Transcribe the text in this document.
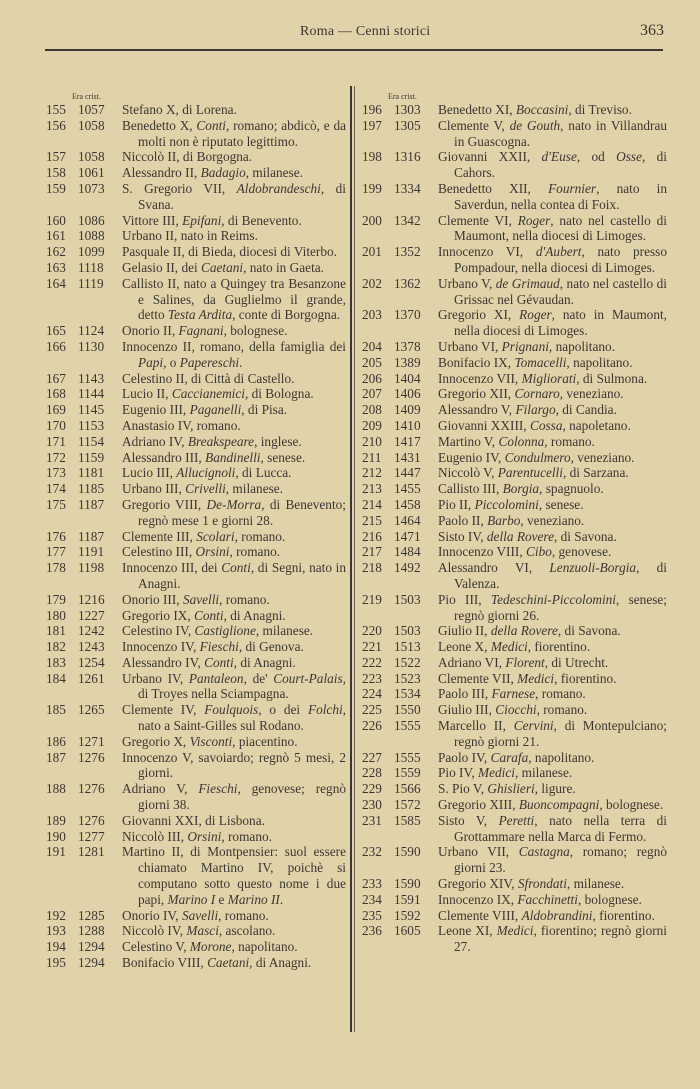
Roma — Cenni storici	363
Era crist.
155 1057	Stefano X, di Lorena.
156 1058	Benedetto X, Conti, romano; abdicò, e da molti non è riputato legittimo.
157 1058	Niccolò II, di Borgogna.
158 1061	Alessandro II, Badagio, milanese.
159 1073	S. Gregorio VII, Aldobrandeschi, di Svana.
160 1086	Vittore III, Epifani, di Benevento.
161 1088	Urbano II, nato in Reims.
162 1099	Pasquale II, di Bieda, diocesi di Viterbo.
163 1118	Gelasio II, dei Caetani, nato in Gaeta.
164 1119	Callisto II, nato a Quingey tra Besanzone e Salines, da Guglielmo il grande, detto Testa Ardita, conte di Borgogna.
165 1124	Onorio II, Fagnani, bolognese.
166 1130	Innocenzo II, romano, della famiglia dei Papi, o Papereschi.
167 1143	Celestino II, di Città di Castello.
168 1144	Lucio II, Caccianemici, di Bologna.
169 1145	Eugenio III, Paganelli, di Pisa.
170 1153	Anastasio IV, romano.
171 1154	Adriano IV, Breakspeare, inglese.
172 1159	Alessandro III, Bandinelli, senese.
173 1181	Lucio III, Allucignoli, di Lucca.
174 1185	Urbano III, Crivelli, milanese.
175 1187	Gregorio VIII, De-Morra, di Benevento; regnò mese 1 e giorni 28.
176 1187	Clemente III, Scolari, romano.
177 1191	Celestino III, Orsini, romano.
178 1198	Innocenzo III, dei Conti, di Segni, nato in Anagni.
179 1216	Onorio III, Savelli, romano.
180 1227	Gregorio IX, Conti, di Anagni.
181 1242	Celestino IV, Castiglione, milanese.
182 1243	Innocenzo IV, Fieschi, di Genova.
183 1254	Alessandro IV, Conti, di Anagni.
184 1261	Urbano IV, Pantaleon, de' Court-Palais, di Troyes nella Sciampagna.
185 1265	Clemente IV, Foulquois, o dei Folchi, nato a Saint-Gilles sul Rodano.
186 1271	Gregorio X, Visconti, piacentino.
187 1276	Innocenzo V, savoiardo; regnò 5 mesi, 2 giorni.
188 1276	Adriano V, Fieschi, genovese; regnò giorni 38.
189 1276	Giovanni XXI, di Lisbona.
190 1277	Niccolò III, Orsini, romano.
191 1281	Martino II, di Montpensier: suol essere chiamato Martino IV, poichè si computano sotto questo nome i due papi, Marino I e Marino II.
192 1285	Onorio IV, Savelli, romano.
193 1288	Niccolò IV, Masci, ascolano.
194 1294	Celestino V, Morone, napolitano.
195 1294	Bonifacio VIII, Caetani, di Anagni.
Era crist.
196 1303	Benedetto XI, Boccasini, di Treviso.
197 1305	Clemente V, de Gouth, nato in Villandrau in Guascogna.
198 1316	Giovanni XXII, d'Euse, od Osse, di Cahors.
199 1334	Benedetto XII, Fournier, nato in Saverdun, nella contea di Foix.
200 1342	Clemente VI, Roger, nato nel castello di Maumont, nella diocesi di Limoges.
201 1352	Innocenzo VI, d'Aubert, nato presso Pompadour, nella diocesi di Limoges.
202 1362	Urbano V, de Grimaud, nato nel castello di Grissac nel Gévaudan.
203 1370	Gregorio XI, Roger, nato in Maumont, nella diocesi di Limoges.
204 1378	Urbano VI, Prignani, napolitano.
205 1389	Bonifacio IX, Tomacelli, napolitano.
206 1404	Innocenzo VII, Migliorati, di Sulmona.
207 1406	Gregorio XII, Cornaro, veneziano.
208 1409	Alessandro V, Filargo, di Candia.
209 1410	Giovanni XXIII, Cossa, napoletano.
210 1417	Martino V, Colonna, romano.
211 1431	Eugenio IV, Condulmero, veneziano.
212 1447	Niccolò V, Parentucelli, di Sarzana.
213 1455	Callisto III, Borgia, spagnuolo.
214 1458	Pio II, Piccolomini, senese.
215 1464	Paolo II, Barbo, veneziano.
216 1471	Sisto IV, della Rovere, di Savona.
217 1484	Innocenzo VIII, Cibo, genovese.
218 1492	Alessandro VI, Lenzuoli-Borgia, di Valenza.
219 1503	Pio III, Tedeschini-Piccolomini, senese; regnò giorni 26.
220 1503	Giulio II, della Rovere, di Savona.
221 1513	Leone X, Medici, fiorentino.
222 1522	Adriano VI, Florent, di Utrecht.
223 1523	Clemente VII, Medici, fiorentino.
224 1534	Paolo III, Farnese, romano.
225 1550	Giulio III, Ciocchi, romano.
226 1555	Marcello II, Cervini, di Montepulciano; regnò giorni 21.
227 1555	Paolo IV, Carafa, napolitano.
228 1559	Pio IV, Medici, milanese.
229 1566	S. Pio V, Ghislieri, ligure.
230 1572	Gregorio XIII, Buoncompagni, bolognese.
231 1585	Sisto V, Peretti, nato nella terra di Grottammare nella Marca di Fermo.
232 1590	Urbano VII, Castagna, romano; regnò giorni 23.
233 1590	Gregorio XIV, Sfrondati, milanese.
234 1591	Innocenzo IX, Facchinetti, bolognese.
235 1592	Clemente VIII, Aldobrandini, fiorentino.
236 1605	Leone XI, Medici, fiorentino; regnò giorni 27.
